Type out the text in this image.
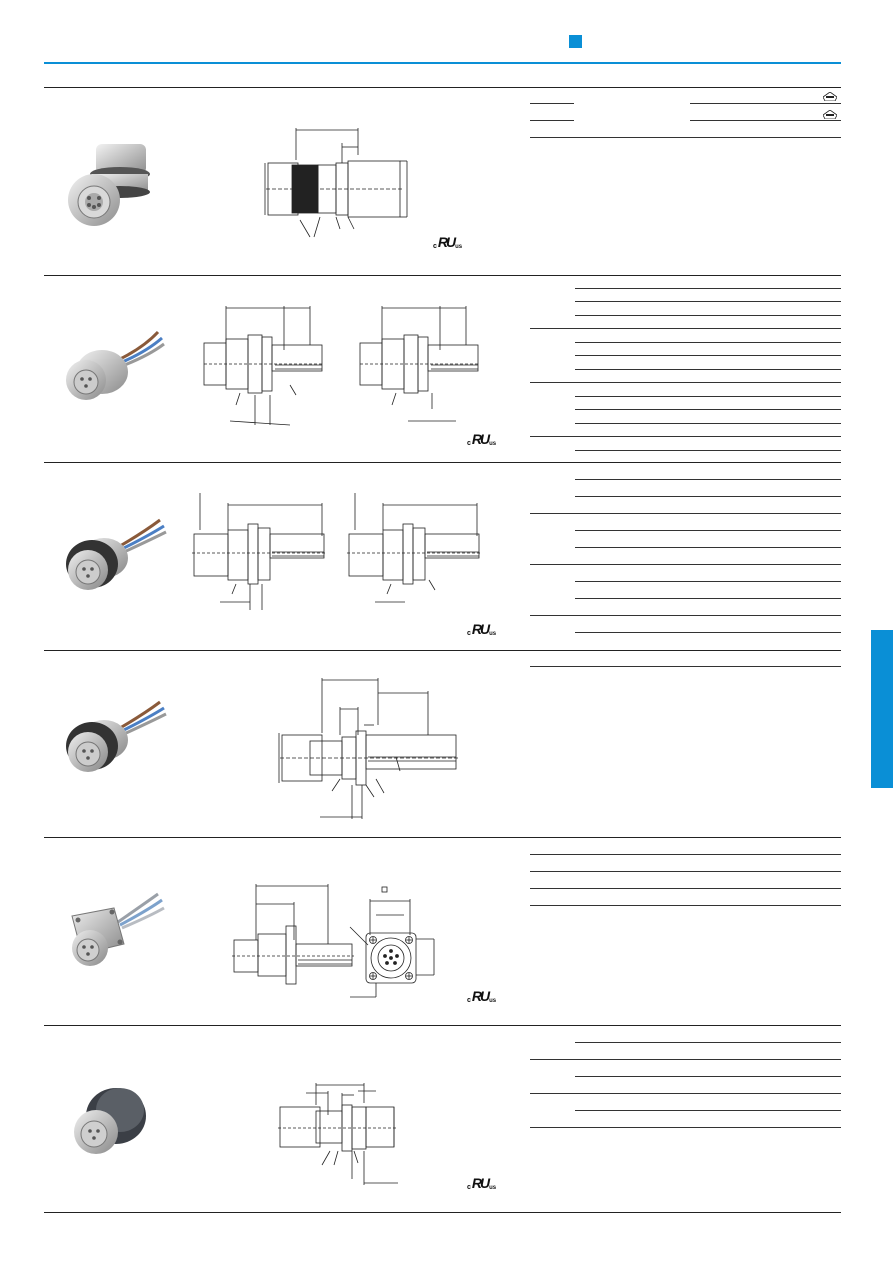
c RU us
c RU us
c RU us
c RU us
c RU us
